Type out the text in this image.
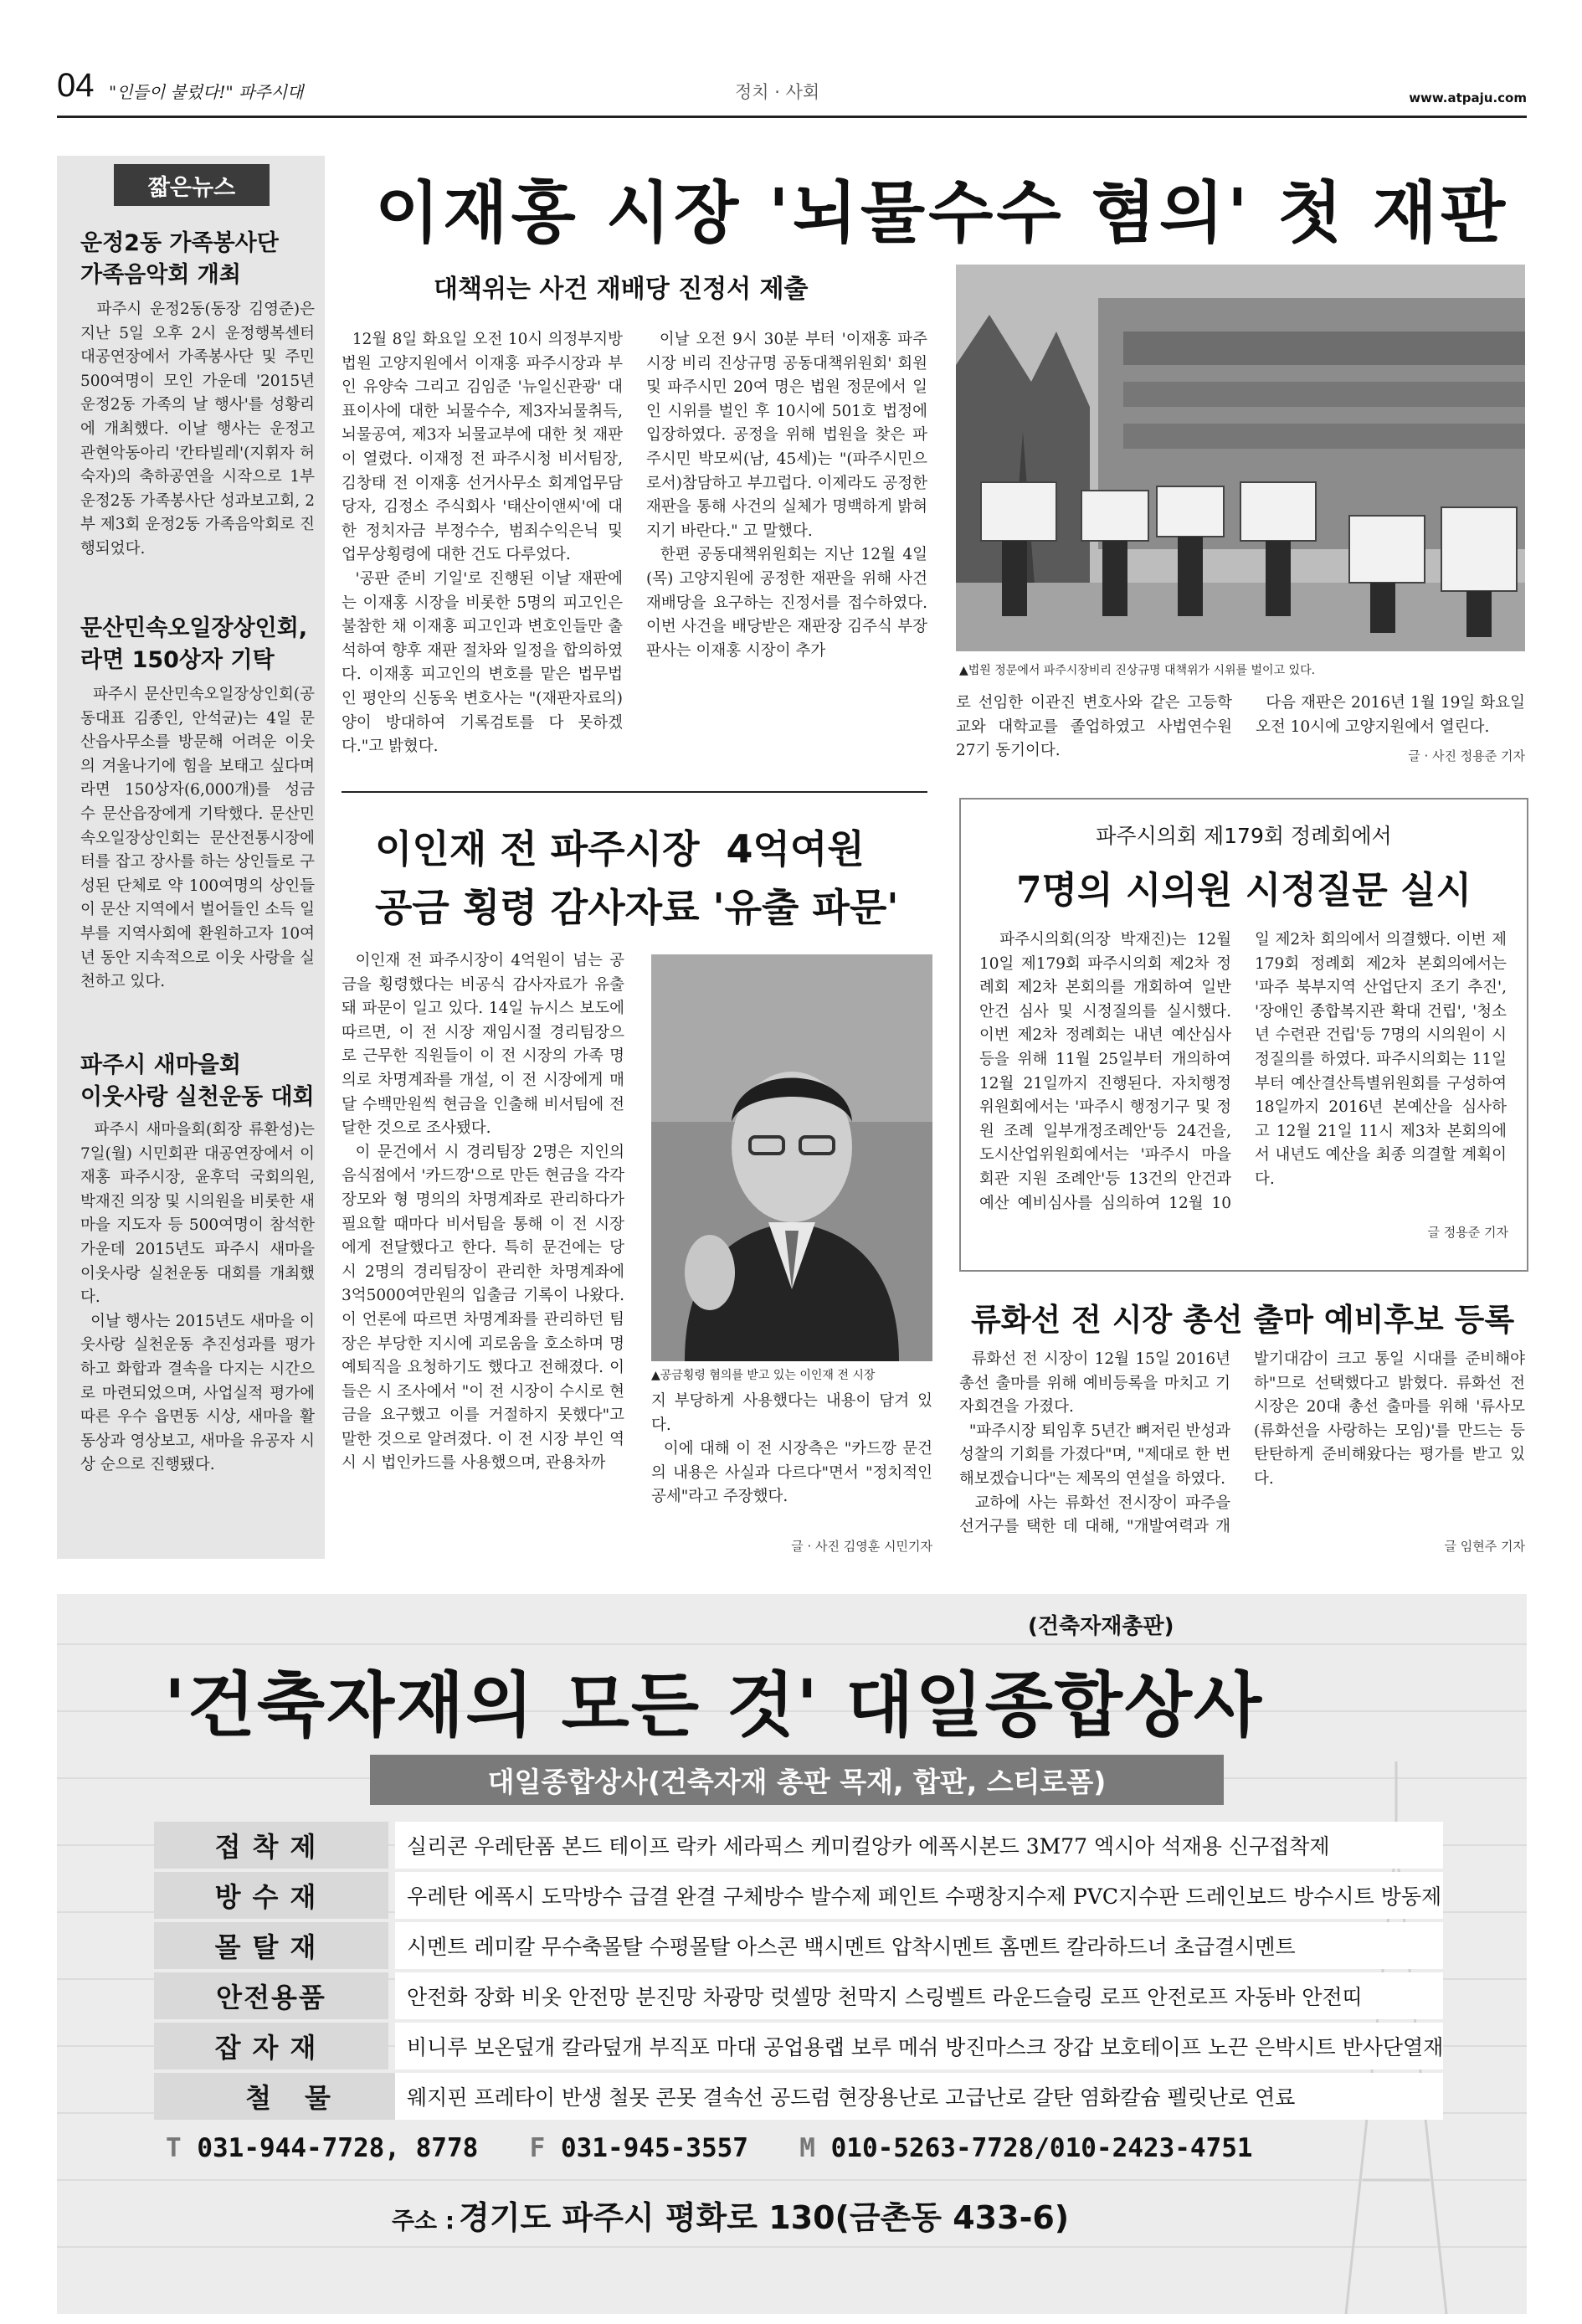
04 "인들이 불렀다!" 파주시대	정치 · 사회	www.atpaju.com
짧은뉴스
운정2동 가족봉사단
가족음악회 개최
파주시 운정2동(동장 김영준)은 지난 5일 오후 2시 운정행복센터 대공연장에서 가족봉사단 및 주민 500여명이 모인 가운데 '2015년 운정2동 가족의 날 행사'를 성황리에 개최했다. 이날 행사는 운정고 관현악동아리 '칸타빌레'(지휘자 허숙자)의 축하공연을 시작으로 1부 운정2동 가족봉사단 성과보고회, 2부 제3회 운정2동 가족음악회로 진행되었다.
문산민속오일장상인회,
라면 150상자 기탁
파주시 문산민속오일장상인회(공동대표 김종인, 안석균)는 4일 문산읍사무소를 방문해 어려운 이웃의 겨울나기에 힘을 보태고 싶다며 라면 150상자(6,000개)를 성금 수 문산읍장에게 기탁했다. 문산민속오일장상인회는 문산전통시장에 터를 잡고 장사를 하는 상인들로 구성된 단체로 약 100여명의 상인들이 문산 지역에서 벌어들인 소득 일부를 지역사회에 환원하고자 10여 년 동안 지속적으로 이웃 사랑을 실천하고 있다.
파주시 새마을회
이웃사랑 실천운동 대회
파주시 새마을회(회장 류환성)는 7일(월) 시민회관 대공연장에서 이재홍 파주시장, 윤후덕 국회의원, 박재진 의장 및 시의원을 비롯한 새마을 지도자 등 500여명이 참석한 가운데 2015년도 파주시 새마을 이웃사랑 실천운동 대회를 개최했다.
이날 행사는 2015년도 새마을 이웃사랑 실천운동 추진성과를 평가하고 화합과 결속을 다지는 시간으로 마련되었으며, 사업실적 평가에 따른 우수 읍면동 시상, 새마을 활동상과 영상보고, 새마을 유공자 시상 순으로 진행됐다.
이재홍 시장 '뇌물수수 혐의' 첫 재판
대책위는 사건 재배당 진정서 제출
12월 8일 화요일 오전 10시 의정부지방법원 고양지원에서 이재홍 파주시장과 부인 유양숙 그리고 김임준 '뉴일신관광' 대표이사에 대한 뇌물수수, 제3자뇌물취득, 뇌물공여, 제3자 뇌물교부에 대한 첫 재판이 열렸다. 이재정 전 파주시청 비서팀장, 김창태 전 이재홍 선거사무소 회계업무담당자, 김정소 주식회사 '태산이앤씨'에 대한 정치자금 부정수수, 범죄수익은닉 및 업무상횡령에 대한 건도 다루었다.
'공판 준비 기일'로 진행된 이날 재판에는 이재홍 시장을 비롯한 5명의 피고인은 불참한 채 이재홍 피고인과 변호인들만 출석하여 향후 재판 절차와 일정을 합의하였다. 이재홍 피고인의 변호를 맡은 법무법인 평안의 신동욱 변호사는 "(재판자료의)양이 방대하여 기록검토를 다 못하겠다."고 밝혔다.
이날 오전 9시 30분 부터 '이재홍 파주시장 비리 진상규명 공동대책위원회' 회원 및 파주시민 20여 명은 법원 정문에서 일인 시위를 벌인 후 10시에 501호 법정에 입장하였다. 공정을 위해 법원을 찾은 파주시민 박모씨(남, 45세)는 "(파주시민으로서)참담하고 부끄럽다. 이제라도 공정한 재판을 통해 사건의 실체가 명백하게 밝혀지기 바란다." 고 말했다.
한편 공동대책위원회는 지난 12월 4일(목) 고양지원에 공정한 재판을 위해 사건 재배당을 요구하는 진정서를 접수하였다. 이번 사건을 배당받은 재판장 김주식 부장판사는 이재홍 시장이 추가
▲법원 정문에서 파주시장비리 진상규명 대책위가 시위를 벌이고 있다.
로 선임한 이관진 변호사와 같은 고등학교와 대학교를 졸업하였고 사법연수원 27기 동기이다.
다음 재판은 2016년 1월 19일 화요일 오전 10시에 고양지원에서 열린다.
글 · 사진 정용준 기자
이인재 전 파주시장  4억여원
공금 횡령 감사자료 '유출 파문'
이인재 전 파주시장이 4억원이 넘는 공금을 횡령했다는 비공식 감사자료가 유출돼 파문이 일고 있다. 14일 뉴시스 보도에 따르면, 이 전 시장 재임시절 경리팀장으로 근무한 직원들이 이 전 시장의 가족 명의로 차명계좌를 개설, 이 전 시장에게 매달 수백만원씩 현금을 인출해 비서팀에 전달한 것으로 조사됐다.
이 문건에서 시 경리팀장 2명은 지인의 음식점에서 '카드깡'으로 만든 현금을 각각 장모와 형 명의의 차명계좌로 관리하다가 필요할 때마다 비서팀을 통해 이 전 시장에게 전달했다고 한다. 특히 문건에는 당시 2명의 경리팀장이 관리한 차명계좌에 3억5000여만원의 입출금 기록이 나왔다. 이 언론에 따르면 차명계좌를 관리하던 팀장은 부당한 지시에 괴로움을 호소하며 명예퇴직을 요청하기도 했다고 전해졌다. 이들은 시 조사에서 "이 전 시장이 수시로 현금을 요구했고 이를 거절하지 못했다"고 말한 것으로 알려졌다. 이 전 시장 부인 역시 시 법인카드를 사용했으며, 관용차까
▲공금횡령 혐의를 받고 있는 이인재 전 시장
지 부당하게 사용했다는 내용이 담겨 있다.
이에 대해 이 전 시장측은 "카드깡 문건의 내용은 사실과 다르다"면서 "정치적인 공세"라고 주장했다.
글 · 사진 김영훈 시민기자
파주시의회 제179회 정례회에서
7명의 시의원 시정질문 실시
파주시의회(의장 박재진)는 12월 10일 제179회 파주시의회 제2차 정례회 제2차 본회의를 개회하여 일반안건 심사 및 시정질의를 실시했다. 이번 제2차 정례회는 내년 예산심사 등을 위해 11월 25일부터 개의하여 12월 21일까지 진행된다. 자치행정위원회에서는 '파주시 행정기구 및 정원 조례 일부개정조례안'등 24건을, 도시산업위원회에서는 '파주시 마을회관 지원 조례안'등 13건의 안건과 예산 예비심사를 심의하여 12월 10일 제2차 회의에서 의결했다. 이번 제179회 정례회 제2차 본회의에서는 '파주 북부지역 산업단지 조기 추진', '장애인 종합복지관 확대 건립', '청소년 수련관 건립'등 7명의 시의원이 시정질의를 하였다. 파주시의회는 11일부터 예산결산특별위원회를 구성하여 18일까지 2016년 본예산을 심사하고 12월 21일 11시 제3차 본회의에서 내년도 예산을 최종 의결할 계획이다.
글 정용준 기자
류화선 전 시장 총선 출마 예비후보 등록
류화선 전 시장이 12월 15일 2016년 총선 출마를 위해 예비등록을 마치고 기자회견을 가졌다.
"파주시장 퇴임후 5년간 뼈저린 반성과 성찰의 기회를 가졌다"며, "제대로 한 번 해보겠습니다"는 제목의 연설을 하였다.
교하에 사는 류화선 전시장이 파주을 선거구를 택한 데 대해, "개발여력과 개발기대감이 크고 통일 시대를 준비해야하"므로 선택했다고 밝혔다. 류화선 전 시장은 20대 총선 출마를 위해 '류사모(류화선을 사랑하는 모임)'를 만드는 등 탄탄하게 준비해왔다는 평가를 받고 있다.
글 임현주 기자
(건축자재총판)
'건축자재의 모든 것' 대일종합상사
대일종합상사(건축자재 총판 목재, 합판, 스티로폼)
접착제	실리콘 우레탄폼 본드 테이프 락카 세라픽스 케미컬앙카 에폭시본드 3M77 엑시아 석재용 신구접착제
방수재	우레탄 에폭시 도막방수 급결 완결 구체방수 발수제 페인트 수팽창지수제 PVC지수판 드레인보드 방수시트 방동제
몰탈재	시멘트 레미칼 무수축몰탈 수평몰탈 아스콘 백시멘트 압착시멘트 홈멘트 칼라하드너 초급결시멘트
안전용품	안전화 장화 비옷 안전망 분진망 차광망 럿셀망 천막지 스링벨트 라운드슬링 로프 안전로프 자동바 안전띠
잡자재	비니루 보온덮개 칼라덮개 부직포 마대 공업용랩 보루 메쉬 방진마스크 장갑 보호테이프 노끈 은박시트 반사단열재
철물	웨지핀 프레타이 반생 철못 콘못 결속선 공드럼 현장용난로 고급난로 갈탄 염화칼슘 펠릿난로 연료
T 031-944-7728, 8778 F 031-945-3557 M 010-5263-7728/010-2423-4751
주소 : 경기도 파주시 평화로 130(금촌동 433-6)
